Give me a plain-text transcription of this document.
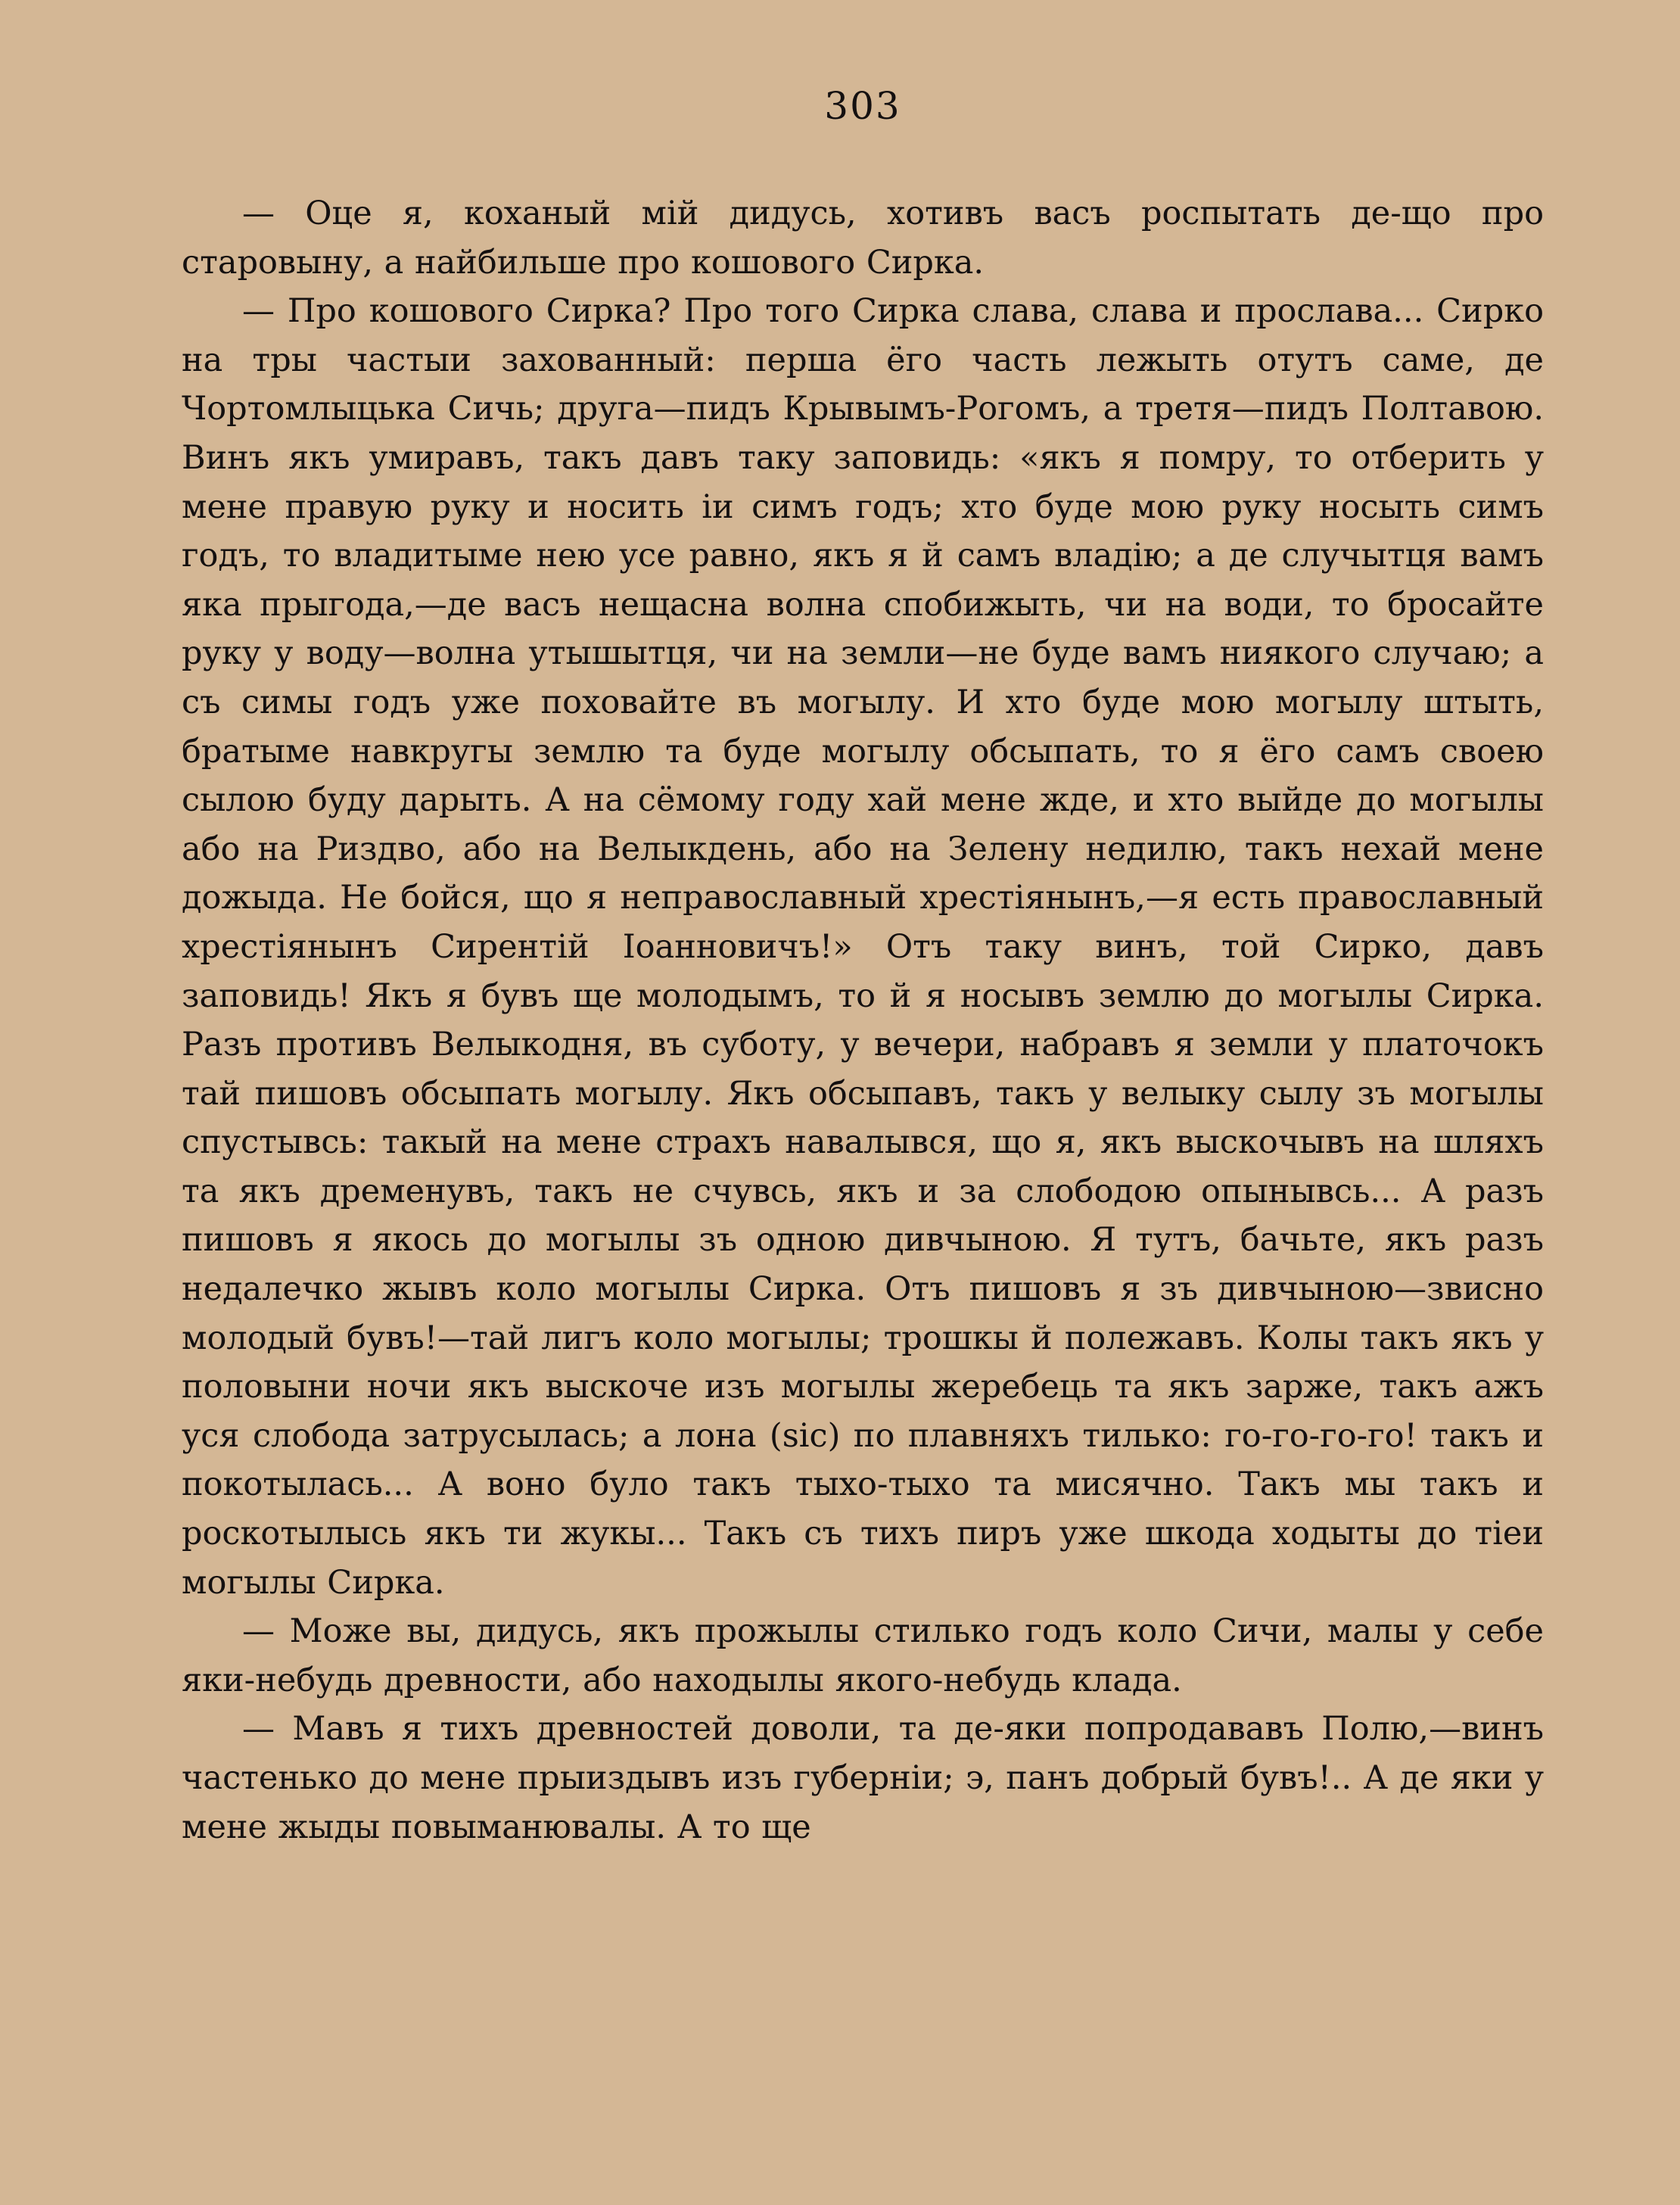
303

— Оце я, коханый мій дидусь, хотивъ васъ роспытать де-що про старовыну, а найбильше про кошового Сирка.

— Про кошового Сирка? Про того Сирка слава, слава и прослава... Сирко на тры частыи захованный: перша ёго часть лежыть отутъ саме, де Чортомлыцька Сичь; друга—пидъ Крывымъ-Рогомъ, а третя—пидъ Полтавою. Винъ якъ умиравъ, такъ давъ таку заповидь: «якъ я помру, то отберить у мене правую руку и носить іи симъ годъ; хто буде мою руку носыть симъ годъ, то владитыме нею усе равно, якъ я й самъ владію; а де случытця вамъ яка прыгода,—де васъ нещасна волна спобижыть, чи на води, то бросайте руку у воду—волна утышытця, чи на земли—не буде вамъ ниякого случаю; а съ симы годъ уже поховайте въ могылу. И хто буде мою могылу штыть, братыме навкругы землю та буде могылу обсыпать, то я ёго самъ своею сылою буду дарыть. А на сёмому году хай мене жде, и хто выйде до могылы або на Риздво, або на Велыкдень, або на Зелену недилю, такъ нехай мене дожыда. Не бойся, що я неправославный хрестіянынъ,—я есть православный хрестіянынъ Сирентій Іоанновичъ!» Отъ таку винъ, той Сирко, давъ заповидь! Якъ я бувъ ще молодымъ, то й я носывъ землю до могылы Сирка. Разъ противъ Велыкодня, въ суботу, у вечери, набравъ я земли у платочокъ тай пишовъ обсыпать могылу. Якъ обсыпавъ, такъ у велыку сылу зъ могылы спустывсь: такый на мене страхъ навалывся, що я, якъ выскочывъ на шляхъ та якъ дременувъ, такъ не счувсь, якъ и за слободою опынывсь... А разъ пишовъ я якось до могылы зъ одною дивчыною. Я тутъ, бачьте, якъ разъ недалечко жывъ коло могылы Сирка. Отъ пишовъ я зъ дивчыною—звисно молодый бувъ!—тай лигъ коло могылы; трошкы й полежавъ. Колы такъ якъ у половыни ночи якъ выскоче изъ могылы жеребець та якъ заржe, такъ ажъ уся слобода затрусылась; а лона (sic) по плавняхъ тилько: го-го-го-го! такъ и покотылась... А воно було такъ тыхо-тыхо та мисячно. Такъ мы такъ и роскотылысь якъ ти жукы... Такъ съ тихъ пиръ уже шкода ходыты до тіеи могылы Сирка.

— Може вы, дидусь, якъ прожылы стилько годъ коло Сичи, малы у себе яки-небудь древности, або находылы якого-небудь клада.

— Мавъ я тихъ древностей доволи, та де-яки попродававъ Полю,—винъ частенько до мене прыиздывъ изъ губерніи; э, панъ добрый бувъ!.. А де яки у мене жыды повыманювалы. А то ще
